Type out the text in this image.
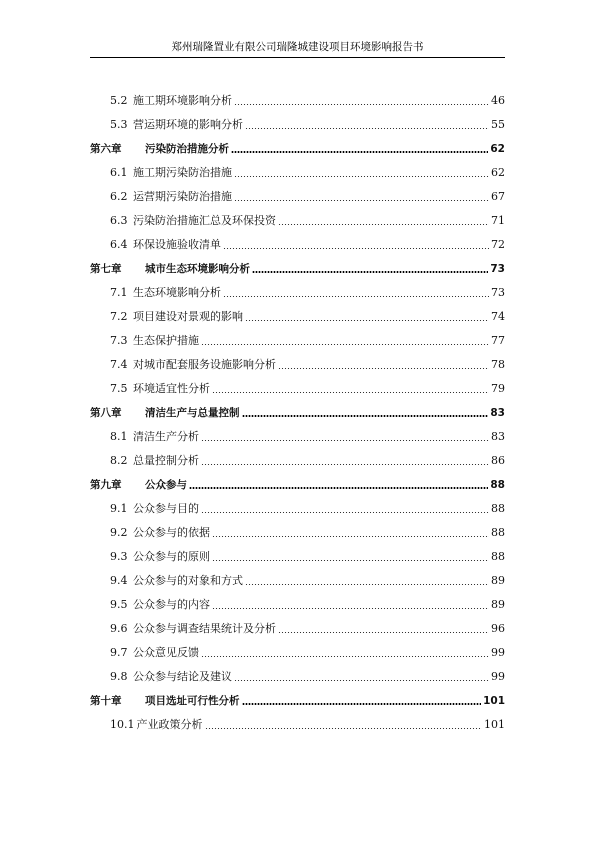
郑州瑞隆置业有限公司瑞隆城建设项目环境影响报告书
5.2 施工期环境影响分析	46
5.3 营运期环境的影响分析	55
第六章	污染防治措施分析	62
6.1 施工期污染防治措施	62
6.2 运营期污染防治措施	67
6.3 污染防治措施汇总及环保投资	71
6.4 环保设施验收清单	72
第七章	城市生态环境影响分析	73
7.1 生态环境影响分析	73
7.2 项目建设对景观的影响	74
7.3 生态保护措施	77
7.4 对城市配套服务设施影响分析	78
7.5 环境适宜性分析	79
第八章	清洁生产与总量控制	83
8.1 清洁生产分析	83
8.2 总量控制分析	86
第九章	公众参与	88
9.1 公众参与目的	88
9.2 公众参与的依据	88
9.3 公众参与的原则	88
9.4 公众参与的对象和方式	89
9.5 公众参与的内容	89
9.6 公众参与调查结果统计及分析	96
9.7 公众意见反馈	99
9.8 公众参与结论及建议	99
第十章	项目选址可行性分析	101
10.1 产业政策分析	101
